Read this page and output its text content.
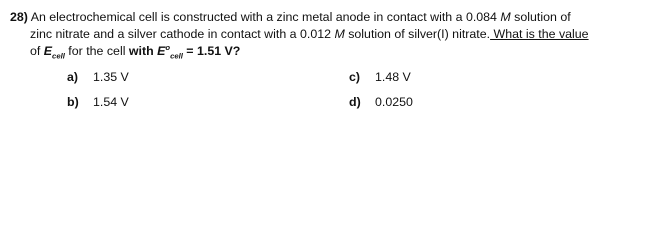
28) An electrochemical cell is constructed with a zinc metal anode in contact with a 0.084 M solution of
zinc nitrate and a silver cathode in contact with a 0.012 M solution of silver(I) nitrate. What is the value
of $E_{cell}$ for the cell with $E^o_{cell} = 1.51$ V?
a) 1.35 V
b) 1.54 V
c) 1.48 V
d) 0.0250
